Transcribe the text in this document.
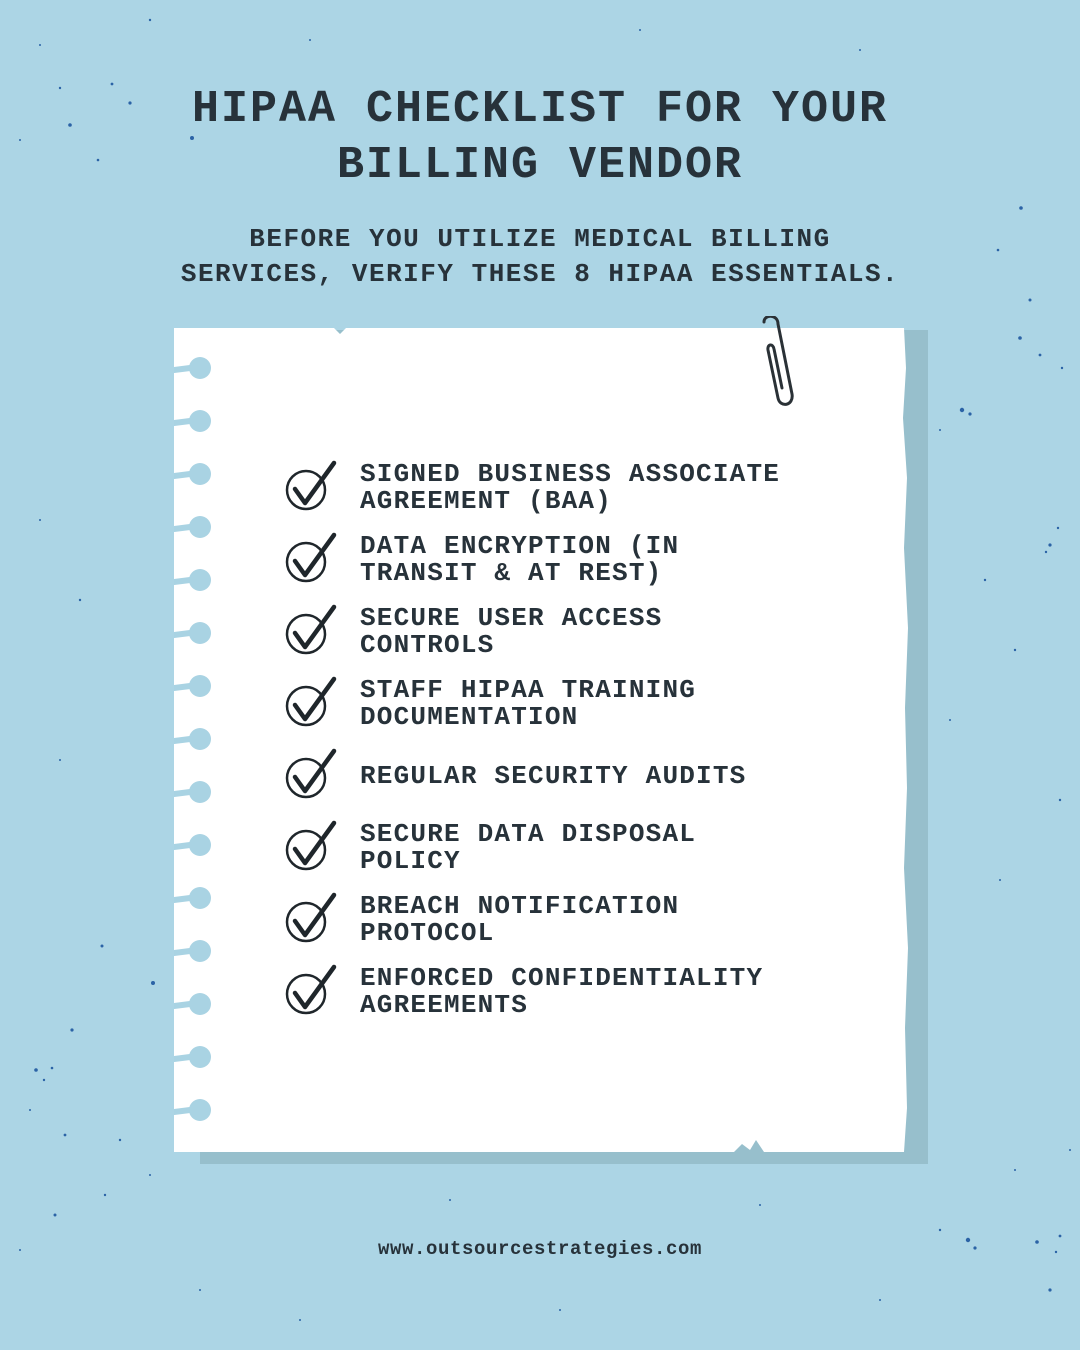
HIPAA CHECKLIST FOR YOUR
BILLING VENDOR

BEFORE YOU UTILIZE MEDICAL BILLING
SERVICES, VERIFY THESE 8 HIPAA ESSENTIALS.

SIGNED BUSINESS ASSOCIATE
AGREEMENT (BAA)
DATA ENCRYPTION (IN
TRANSIT & AT REST)
SECURE USER ACCESS
CONTROLS
STAFF HIPAA TRAINING
DOCUMENTATION
REGULAR SECURITY AUDITS
SECURE DATA DISPOSAL
POLICY
BREACH NOTIFICATION
PROTOCOL
ENFORCED CONFIDENTIALITY
AGREEMENTS
www.outsourcestrategies.com
